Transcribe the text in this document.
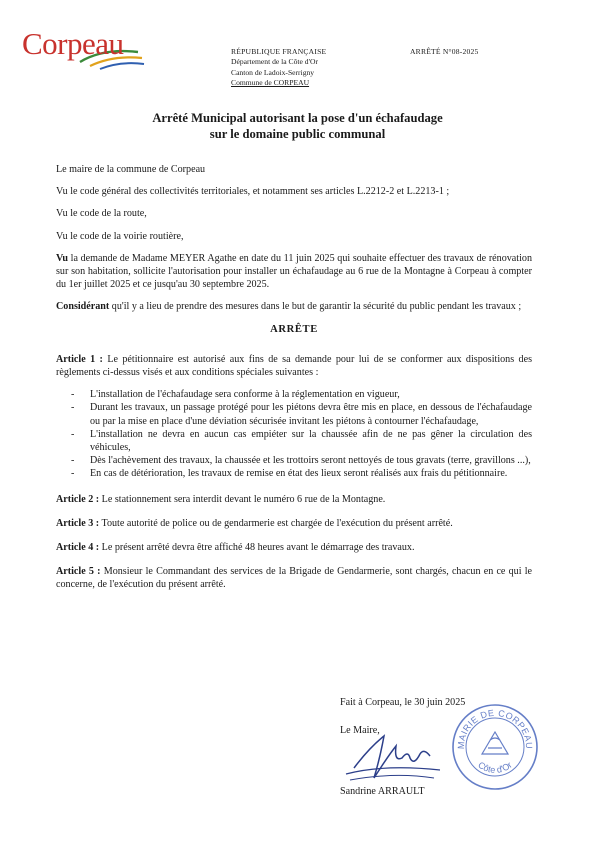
Corpeau	RÉPUBLIQUE FRANÇAISE
Département de la Côte d'Or
Canton de Ladoix-Serrigny
Commune de CORPEAU
ARRÊTÉ N°08-2025
Arrêté Municipal autorisant la pose d'un échafaudage
sur le domaine public communal

Le maire de la commune de Corpeau

Vu le code général des collectivités territoriales, et notamment ses articles L.2212-2 et L.2213-1 ;

Vu le code de la route,

Vu le code de la voirie routière,

Vu la demande de Madame MEYER Agathe en date du 11 juin 2025 qui souhaite effectuer des travaux de rénovation sur son habitation, sollicite l'autorisation pour installer un échafaudage au 6 rue de la Montagne à Corpeau à compter du 1er juillet 2025 et ce jusqu'au 30 septembre 2025.

Considérant qu'il y a lieu de prendre des mesures dans le but de garantir la sécurité du public pendant les travaux ;

ARRÊTE

Article 1 : Le pétitionnaire est autorisé aux fins de sa demande pour lui de se conformer aux dispositions des règlements ci-dessus visés et aux conditions spéciales suivantes :

- L'installation de l'échafaudage sera conforme à la réglementation en vigueur,
- Durant les travaux, un passage protégé pour les piétons devra être mis en place, en dessous de l'échafaudage ou par la mise en place d'une déviation sécurisée invitant les piétons à contourner l'échafaudage,
- L'installation ne devra en aucun cas empiéter sur la chaussée afin de ne pas gêner la circulation des véhicules,
- Dès l'achèvement des travaux, la chaussée et les trottoirs seront nettoyés de tous gravats (terre, gravillons ...),
- En cas de détérioration, les travaux de remise en état des lieux seront réalisés aux frais du pétitionnaire.

Article 2 : Le stationnement sera interdit devant le numéro 6 rue de la Montagne.

Article 3 : Toute autorité de police ou de gendarmerie est chargée de l'exécution du présent arrêté.

Article 4 : Le présent arrêté devra être affiché 48 heures avant le démarrage des travaux.

Article 5 : Monsieur le Commandant des services de la Brigade de Gendarmerie, sont chargés, chacun en ce qui le concerne, de l'exécution du présent arrêté.

Fait à Corpeau, le 30 juin 2025
Le Maire,
Sandrine ARRAULT
MAIRIE DE CORPEAU
Côte d'Or
